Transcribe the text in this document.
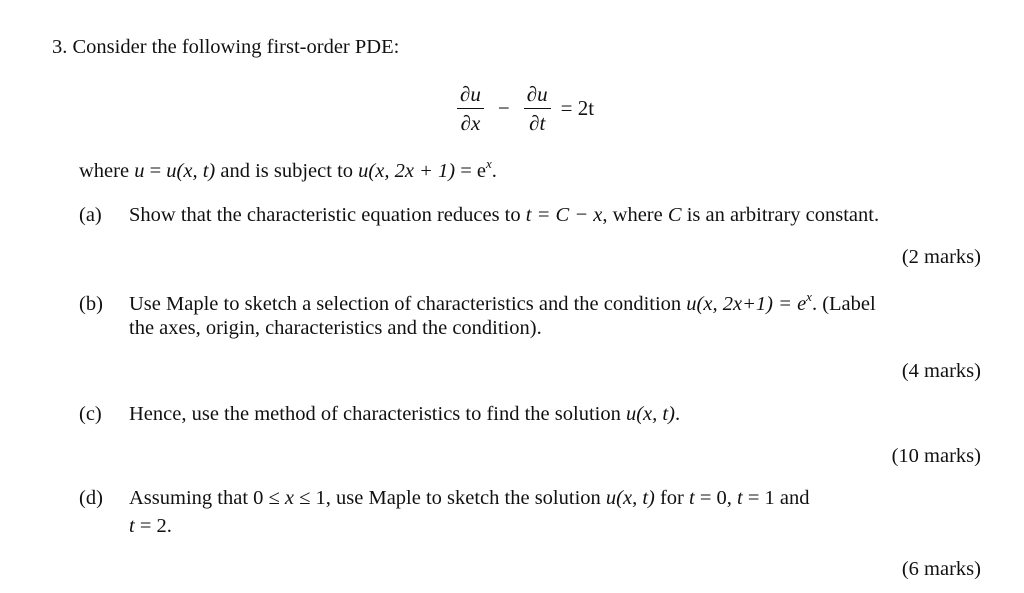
3. Consider the following first-order PDE:
$\frac{\partial u}{\partial x} - \frac{\partial u}{\partial t} = 2t$
where u = u(x, t) and is subject to u(x, $2x + 1) = e^x$.
(a) Show that the characteristic equation reduces to t = C − x, where C is an arbitrary constant.
(2 marks)
(b) Use Maple to sketch a selection of characteristics and the condition u(x, $2x+1) = e^x$. (Label
the axes, origin, characteristics and the condition).
(4 marks)
(c) Hence, use the method of characteristics to find the solution u(x, t).
(10 marks)
(d) Assuming that 0 ≤ x ≤ 1, use Maple to sketch the solution u(x, t) for t = 0, t = 1 and
t = 2.
(6 marks)
